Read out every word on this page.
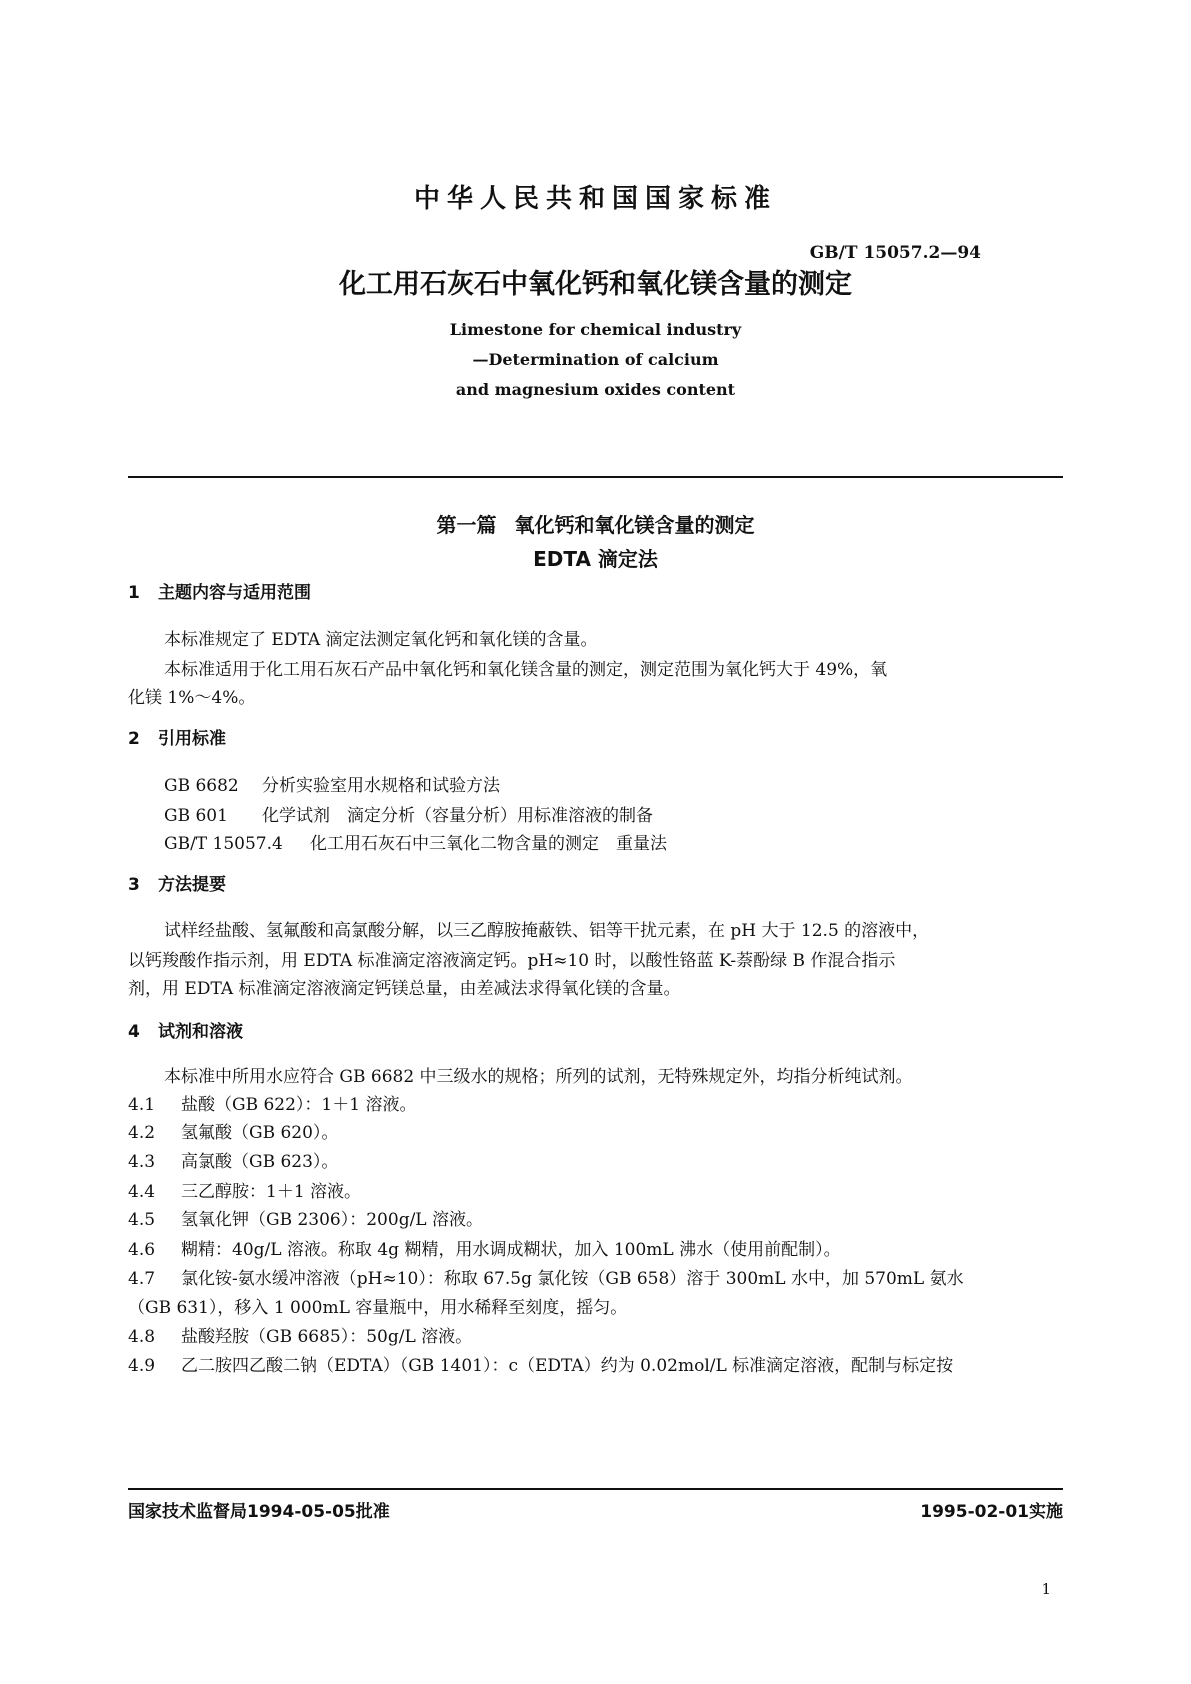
中华人民共和国国家标准
GB/T 15057.2—94
化工用石灰石中氧化钙和氧化镁含量的测定
Limestone for chemical industry
—Determination of calcium
and magnesium oxides content
第一篇 氧化钙和氧化镁含量的测定
EDTA 滴定法
1 主题内容与适用范围
本标准规定了 EDTA 滴定法测定氧化钙和氧化镁的含量。
本标准适用于化工用石灰石产品中氧化钙和氧化镁含量的测定，测定范围为氧化钙大于 49%，氧
化镁 1%～4%。
2 引用标准
GB 6682 分析实验室用水规格和试验方法
GB 601 化学试剂　滴定分析（容量分析）用标准溶液的制备
GB/T 15057.4 化工用石灰石中三氧化二物含量的测定　重量法
3 方法提要
试样经盐酸、氢氟酸和高氯酸分解，以三乙醇胺掩蔽铁、铝等干扰元素，在 pH 大于 12.5 的溶液中，
以钙羧酸作指示剂，用 EDTA 标准滴定溶液滴定钙。pH≈10 时，以酸性铬蓝 K-萘酚绿 B 作混合指示
剂，用 EDTA 标准滴定溶液滴定钙镁总量，由差减法求得氧化镁的含量。
4 试剂和溶液
本标准中所用水应符合 GB 6682 中三级水的规格；所列的试剂，无特殊规定外，均指分析纯试剂。
4.1 盐酸（GB 622）：1＋1 溶液。
4.2 氢氟酸（GB 620）。
4.3 高氯酸（GB 623）。
4.4 三乙醇胺：1＋1 溶液。
4.5 氢氧化钾（GB 2306）：200g/L 溶液。
4.6 糊精：40g/L 溶液。称取 4g 糊精，用水调成糊状，加入 100mL 沸水（使用前配制）。
4.7 氯化铵-氨水缓冲溶液（pH≈10）：称取 67.5g 氯化铵（GB 658）溶于 300mL 水中，加 570mL 氨水
（GB 631），移入 1 000mL 容量瓶中，用水稀释至刻度，摇匀。
4.8 盐酸羟胺（GB 6685）：50g/L 溶液。
4.9 乙二胺四乙酸二钠（EDTA）（GB 1401）：c（EDTA）约为 0.02mol/L 标准滴定溶液，配制与标定按
国家技术监督局1994-05-05批准	1995-02-01实施
1
